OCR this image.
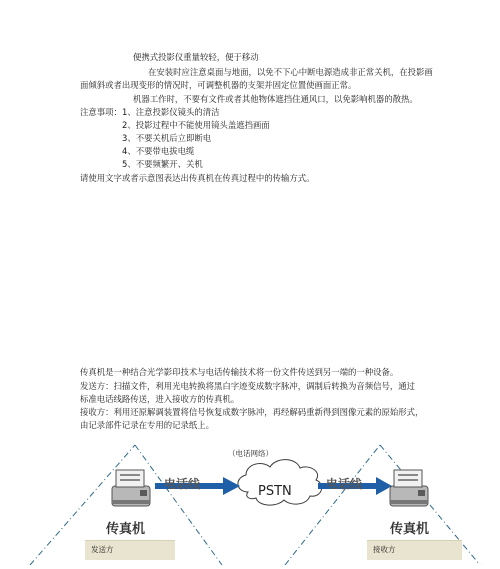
便携式投影仪重量较轻，便于移动
在安装时应注意桌面与地面，以免不下心中断电源造成非正常关机，在投影画
面倾斜或者出现变形的情况时，可调整机器的支架并固定位置使画面正常。
机器工作时，不要有文件或者其他物体遮挡住通风口，以免影响机器的散热。
注意事项： 1、注意投影仪镜头的清洁
2、投影过程中不能使用镜头盖遮挡画面
3、不要关机后立即断电
4、不要带电拔电缆
5、不要频繁开、关机
请使用文字或者示意图表达出传真机在传真过程中的传输方式。
传真机是一种结合光学影印技术与电话传输技术将一份文件传送到另一端的一种设备。
发送方：扫描文件，利用光电转换将黑白字迹变成数字脉冲，调制后转换为音频信号，通过
标准电话线路传送，进入接收方的传真机。
接收方：利用还原解调装置将信号恢复成数字脉冲，再经解码重新得到图像元素的原始形式，
由记录部件记录在专用的记录纸上。
（电话网络）
PSTN
电话线	电话线
传真机	传真机
发送方	接收方
